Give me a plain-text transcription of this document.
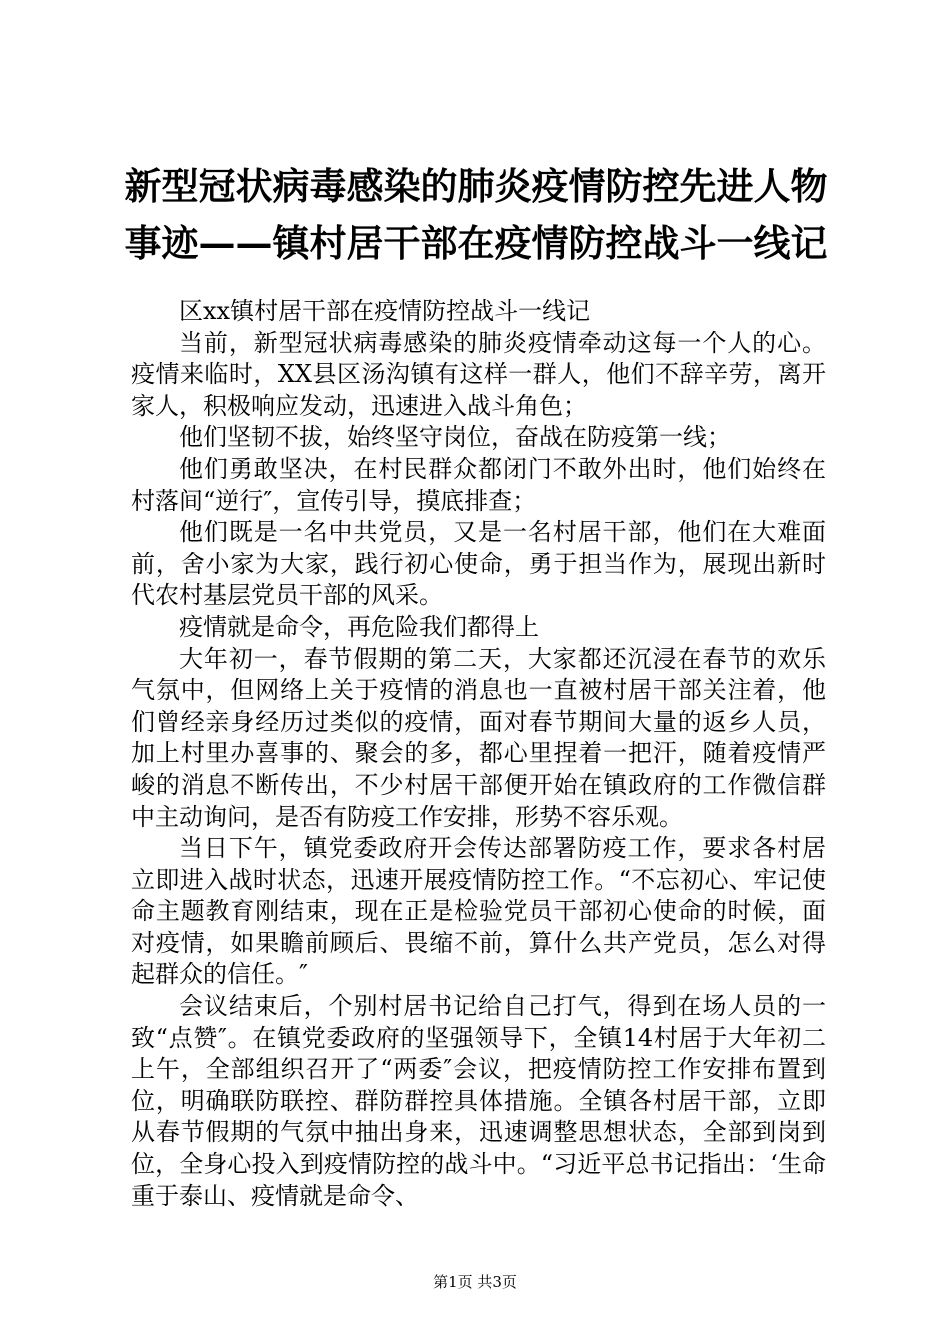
新型冠状病毒感染的肺炎疫情防控先进人物事迹——镇村居干部在疫情防控战斗一线记

区xx镇村居干部在疫情防控战斗一线记

当前，新型冠状病毒感染的肺炎疫情牵动这每一个人的心。疫情来临时，XX县区汤沟镇有这样一群人，他们不辞辛劳，离开家人，积极响应发动，迅速进入战斗角色；

他们坚韧不拔，始终坚守岗位，奋战在防疫第一线；

他们勇敢坚决，在村民群众都闭门不敢外出时，他们始终在村落间“逆行″，宣传引导，摸底排查；

他们既是一名中共党员，又是一名村居干部，他们在大难面前，舍小家为大家，践行初心使命，勇于担当作为，展现出新时代农村基层党员干部的风采。

疫情就是命令，再危险我们都得上

大年初一，春节假期的第二天，大家都还沉浸在春节的欢乐气氛中，但网络上关于疫情的消息也一直被村居干部关注着，他们曾经亲身经历过类似的疫情，面对春节期间大量的返乡人员，加上村里办喜事的、聚会的多，都心里捏着一把汗，随着疫情严峻的消息不断传出，不少村居干部便开始在镇政府的工作微信群中主动询问，是否有防疫工作安排，形势不容乐观。

当日下午，镇党委政府开会传达部署防疫工作，要求各村居立即进入战时状态，迅速开展疫情防控工作。“不忘初心、牢记使命主题教育刚结束，现在正是检验党员干部初心使命的时候，面对疫情，如果瞻前顾后、畏缩不前，算什么共产党员，怎么对得起群众的信任。″

会议结束后，个别村居书记给自己打气，得到在场人员的一致“点赞″。在镇党委政府的坚强领导下，全镇14村居于大年初二上午，全部组织召开了“两委″会议，把疫情防控工作安排布置到位，明确联防联控、群防群控具体措施。全镇各村居干部，立即从春节假期的气氛中抽出身来，迅速调整思想状态，全部到岗到位，全身心投入到疫情防控的战斗中。“习近平总书记指出：‘生命重于泰山、疫情就是命令、

第1页 共3页
